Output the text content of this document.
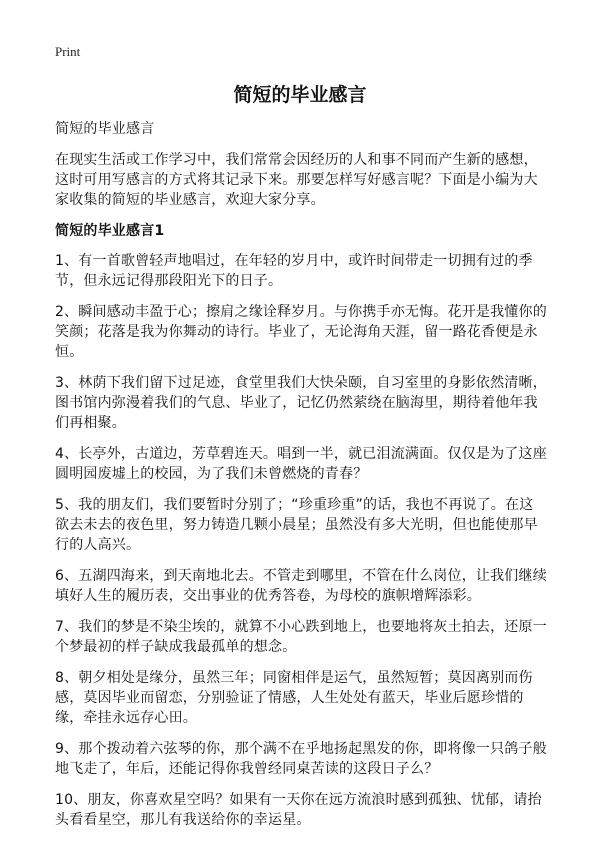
Print
简短的毕业感言

简短的毕业感言

在现实生活或工作学习中，我们常常会因经历的人和事不同而产生新的感想，这时可用写感言的方式将其记录下来。那要怎样写好感言呢？下面是小编为大家收集的简短的毕业感言，欢迎大家分享。

简短的毕业感言1

1、有一首歌曾轻声地唱过，在年轻的岁月中，或许时间带走一切拥有过的季节，但永远记得那段阳光下的日子。

2、瞬间感动丰盈于心；擦肩之缘诠释岁月。与你携手亦无悔。花开是我懂你的笑颜；花落是我为你舞动的诗行。毕业了，无论海角天涯，留一路花香便是永恒。

3、林荫下我们留下过足迹，食堂里我们大快朵颐，自习室里的身影依然清晰，图书馆内弥漫着我们的气息、毕业了，记忆仍然萦绕在脑海里，期待着他年我们再相聚。

4、长亭外，古道边，芳草碧连天。唱到一半，就已泪流满面。仅仅是为了这座圆明园废墟上的校园，为了我们未曾燃烧的青春？

5、我的朋友们，我们要暂时分别了；“珍重珍重”的话，我也不再说了。在这欲去未去的夜色里，努力铸造几颗小晨星；虽然没有多大光明，但也能使那早行的人高兴。

6、五湖四海来，到天南地北去。不管走到哪里，不管在什么岗位，让我们继续填好人生的履历表，交出事业的优秀答卷，为母校的旗帜增辉添彩。

7、我们的梦是不染尘埃的，就算不小心跌到地上，也要地将灰土拍去，还原一个梦最初的样子缺成我最孤单的想念。

8、朝夕相处是缘分，虽然三年；同窗相伴是运气，虽然短暂；莫因离别而伤感，莫因毕业而留恋，分别验证了情感，人生处处有蓝天，毕业后愿珍惜的缘，牵挂永远存心田。

9、那个拨动着六弦琴的你，那个满不在乎地扬起黑发的你，即将像一只鸽子般地飞走了，年后，还能记得你我曾经同桌苦读的这段日子么？

10、朋友，你喜欢星空吗？如果有一天你在远方流浪时感到孤独、忧郁，请抬头看看星空，那儿有我送给你的幸运星。
